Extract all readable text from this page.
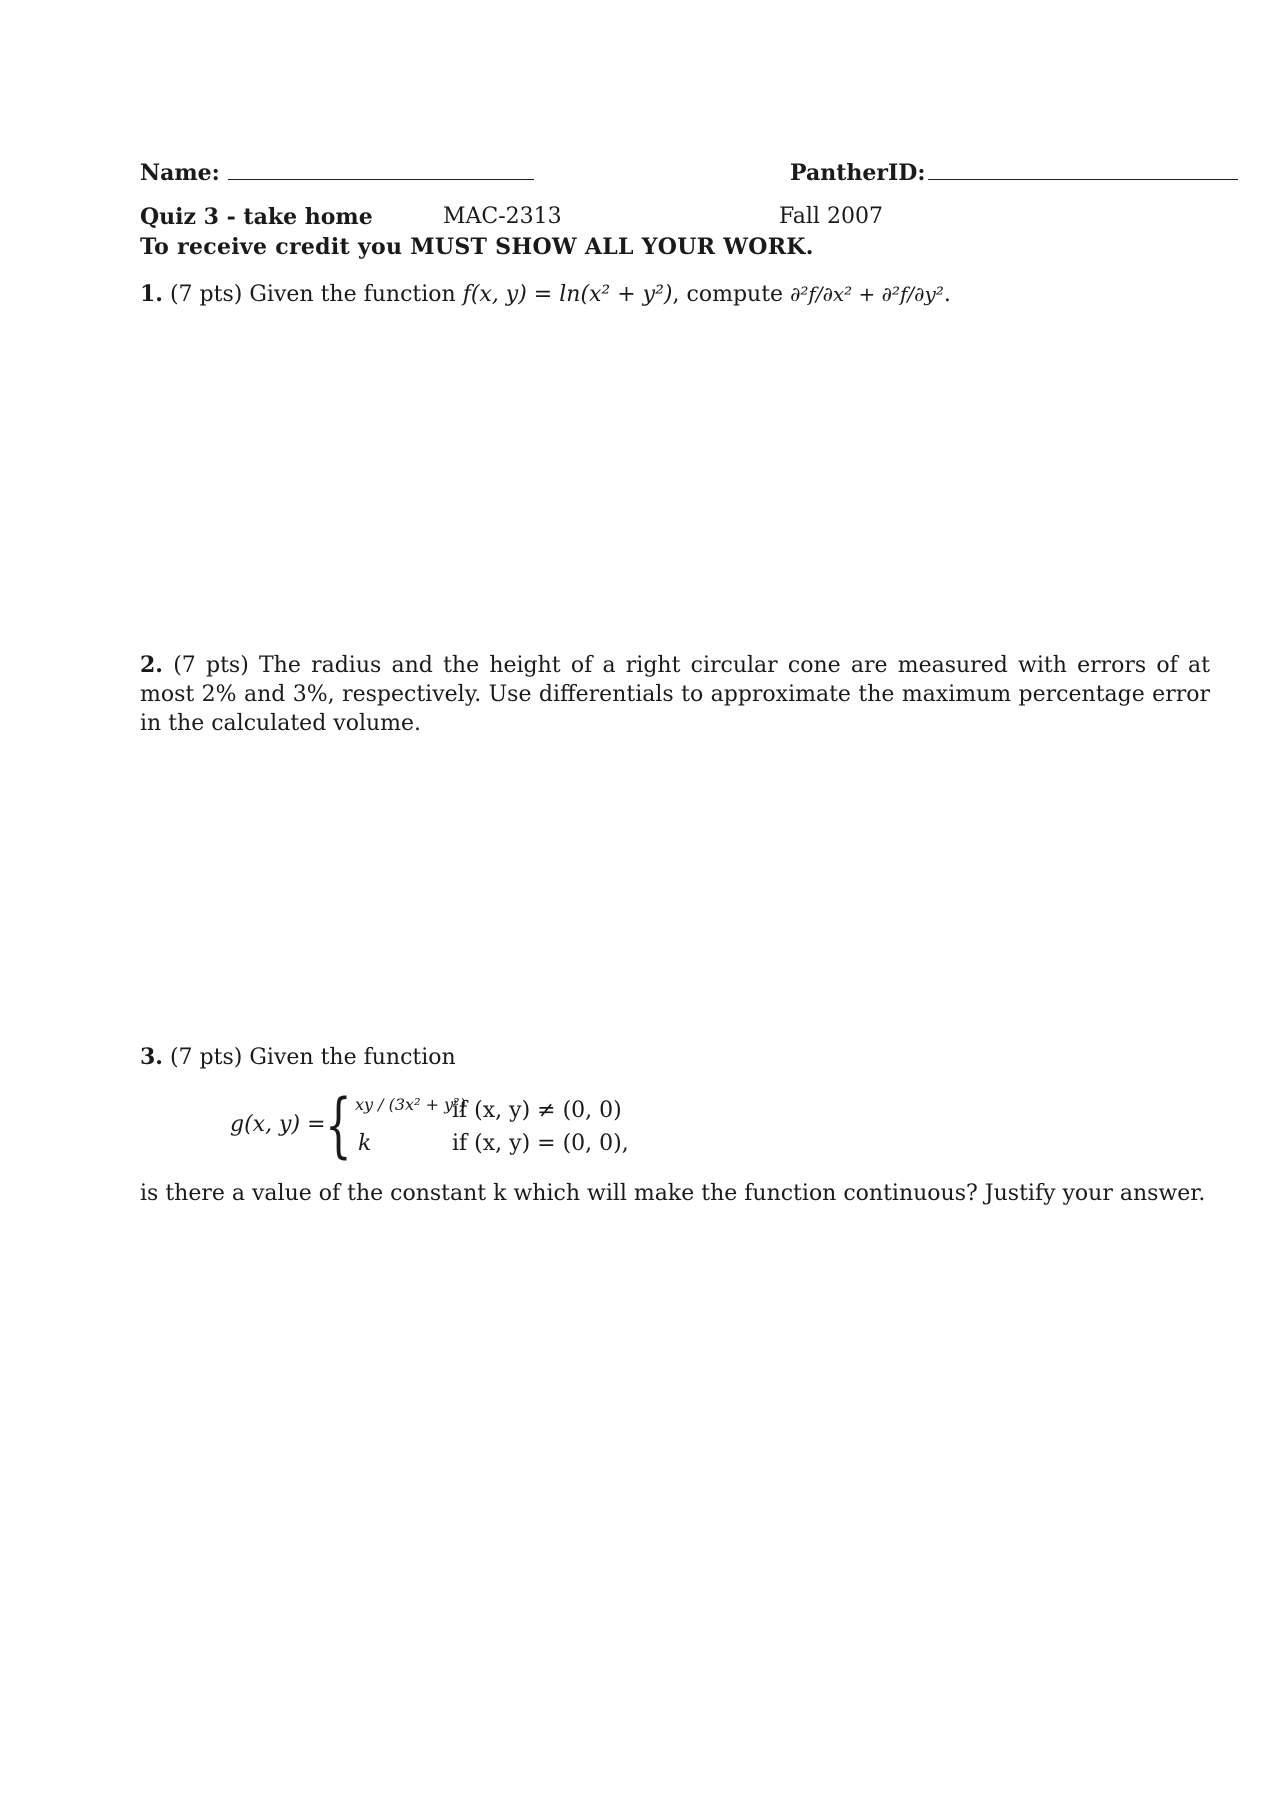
Name:	PantherID:
Quiz 3 - take home	MAC-2313	Fall 2007
To receive credit you MUST SHOW ALL YOUR WORK.
1. (7 pts) Given the function f(x, y) = ln(x² + y²), compute ∂²f/∂x² + ∂²f/∂y².
2. (7 pts) The radius and the height of a right circular cone are measured with errors of at most 2% and 3%, respectively. Use differentials to approximate the maximum percentage error in the calculated volume.
3. (7 pts) Given the function
g(x, y) = { xy / (3x² + y²)
if (x, y) ≠ (0, 0)
k	if (x, y) = (0, 0),
is there a value of the constant k which will make the function continuous? Justify your answer.
